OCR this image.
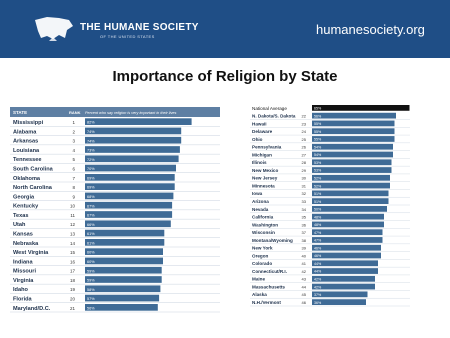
THE HUMANE SOCIETY
OF THE UNITED STATES	humanesociety.org
Importance of Religion by State
STATE	RANK Percent who say religion is very important in their lives
Mississippi	1	82%
Alabama	2	74%
Arkansas	3	74%
Louisiana	4	73%
Tennessee	5	72%
South Carolina	6	70%
Oklahoma	7	69%
North Carolina	8	69%
Georgia	9	68%
Kentucky	10	67%
Texas	11	67%
Utah	12	66%
Kansas	13	61%
Nebraska	14	61%
West Virginia	15	60%
Indiana	16	60%
Missouri	17	59%
Virginia	18	59%
Idaho	19	58%
Florida	20	57%
Maryland/D.C.	21	56%
National Average	65%
N. Dakota/S. Dakota 22 56%
Hawaii	23 55%
Delaware	24 55%
Ohio	25 55%
Pennsylvania	26 54%
Michigan	27 54%
Illinois	28 53%
New Mexico	29 53%
New Jersey	30 52%
Minnesota	31 52%
Iowa	32 51%
Arizona	33 51%
Nevada	34 50%
California	35 48%
Washington	36 48%
Wisconsin	37 47%
Montana/Wyoming 38 47%
New York	39 46%
Oregon	40 46%
Colorado	41 44%
Connecticut/R.I.	42 44%
Maine	43 42%
Massachusetts	44 42%
Alaska	45 37%
N.H./Vermont	46 36%
